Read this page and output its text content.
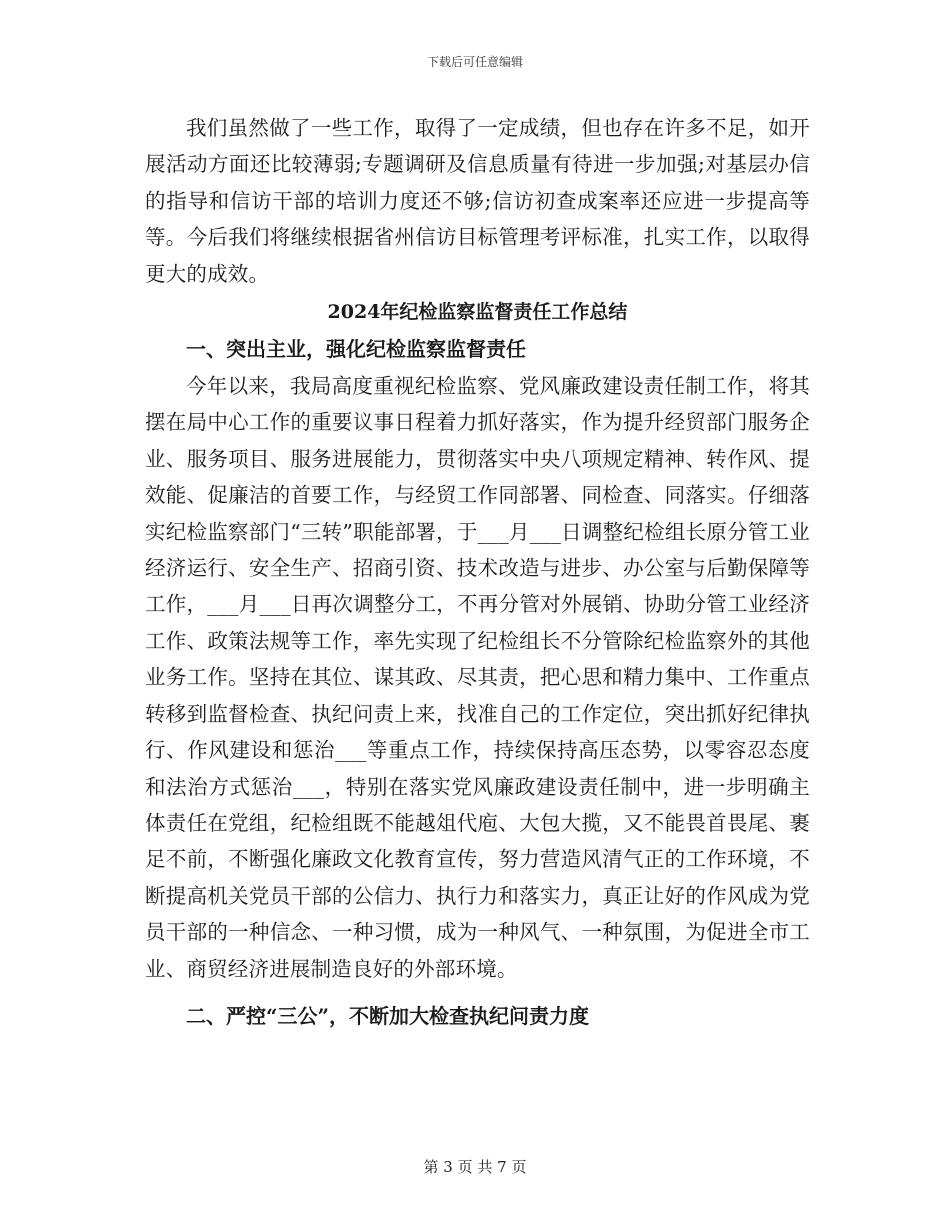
下载后可任意编辑

我们虽然做了一些工作，取得了一定成绩，但也存在许多不足，如开展活动方面还比较薄弱;专题调研及信息质量有待进一步加强;对基层办信的指导和信访干部的培训力度还不够;信访初查成案率还应进一步提高等等。今后我们将继续根据省州信访目标管理考评标准，扎实工作，以取得更大的成效。

2024年纪检监察监督责任工作总结
一、突出主业，强化纪检监察监督责任

今年以来，我局高度重视纪检监察、党风廉政建设责任制工作，将其摆在局中心工作的重要议事日程着力抓好落实，作为提升经贸部门服务企业、服务项目、服务进展能力，贯彻落实中央八项规定精神、转作风、提效能、促廉洁的首要工作，与经贸工作同部署、同检查、同落实。仔细落实纪检监察部门“三转”职能部署，于___月___日调整纪检组长原分管工业经济运行、安全生产、招商引资、技术改造与进步、办公室与后勤保障等工作，___月___日再次调整分工，不再分管对外展销、协助分管工业经济工作、政策法规等工作，率先实现了纪检组长不分管除纪检监察外的其他业务工作。坚持在其位、谋其政、尽其责，把心思和精力集中、工作重点转移到监督检查、执纪问责上来，找准自己的工作定位，突出抓好纪律执行、作风建设和惩治___等重点工作，持续保持高压态势，以零容忍态度和法治方式惩治___，特别在落实党风廉政建设责任制中，进一步明确主体责任在党组，纪检组既不能越俎代庖、大包大揽，又不能畏首畏尾、裹足不前，不断强化廉政文化教育宣传，努力营造风清气正的工作环境，不断提高机关党员干部的公信力、执行力和落实力，真正让好的作风成为党员干部的一种信念、一种习惯，成为一种风气、一种氛围，为促进全市工业、商贸经济进展制造良好的外部环境。

二、严控“三公”，不断加大检查执纪问责力度
第 3 页 共 7 页
